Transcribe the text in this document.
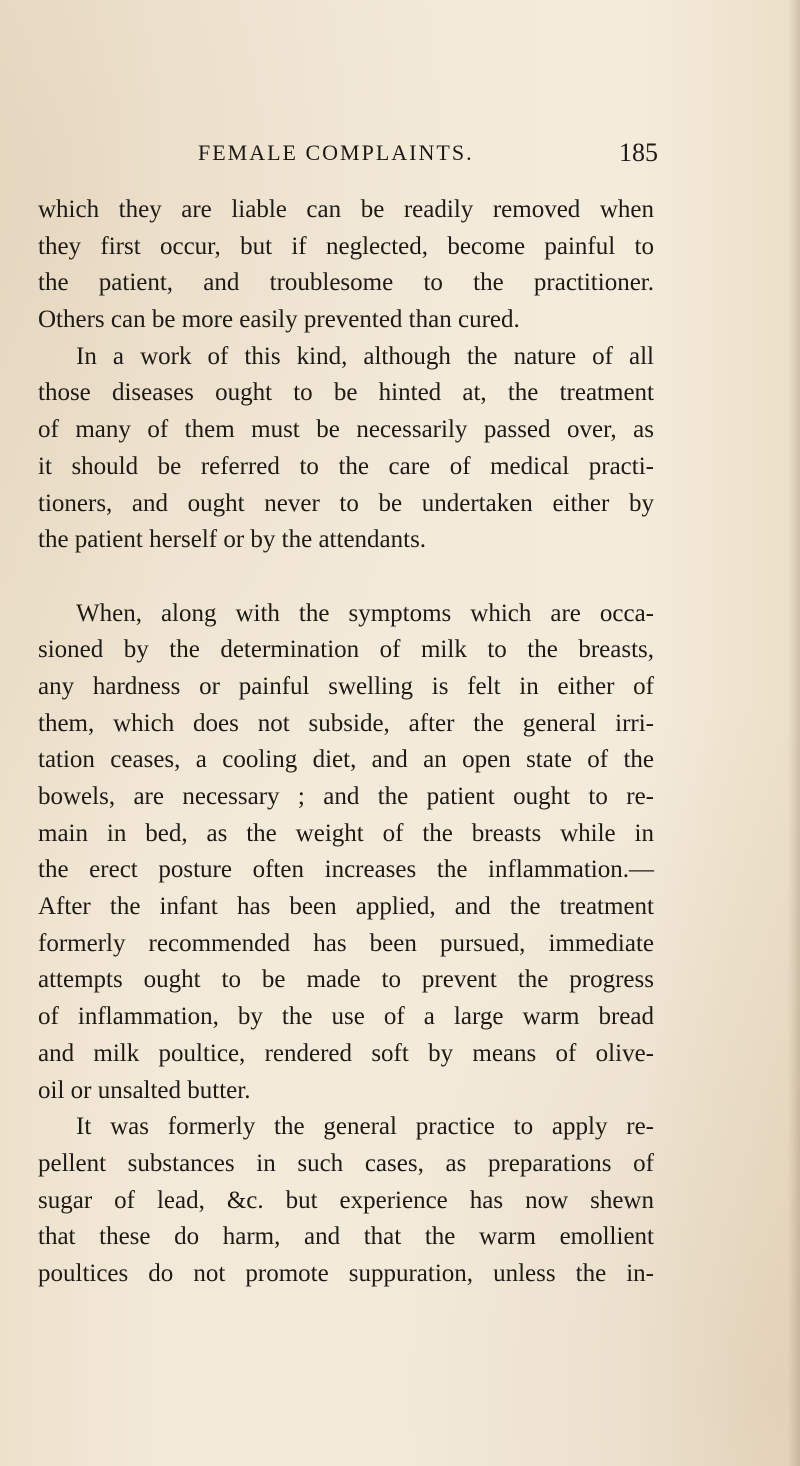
FEMALE COMPLAINTS.	185
which they are liable can be readily removed when
they first occur, but if neglected, become painful to
the patient, and troublesome to the practitioner.
Others can be more easily prevented than cured.
In a work of this kind, although the nature of all
those diseases ought to be hinted at, the treatment
of many of them must be necessarily passed over, as
it should be referred to the care of medical practi-
tioners, and ought never to be undertaken either by
the patient herself or by the attendants.
When, along with the symptoms which are occa-
sioned by the determination of milk to the breasts,
any hardness or painful swelling is felt in either of
them, which does not subside, after the general irri-
tation ceases, a cooling diet, and an open state of the
bowels, are necessary ; and the patient ought to re-
main in bed, as the weight of the breasts while in
the erect posture often increases the inflammation.—
After the infant has been applied, and the treatment
formerly recommended has been pursued, immediate
attempts ought to be made to prevent the progress
of inflammation, by the use of a large warm bread
and milk poultice, rendered soft by means of olive-
oil or unsalted butter.
It was formerly the general practice to apply re-
pellent substances in such cases, as preparations of
sugar of lead, &c. but experience has now shewn
that these do harm, and that the warm emollient
poultices do not promote suppuration, unless the in-
